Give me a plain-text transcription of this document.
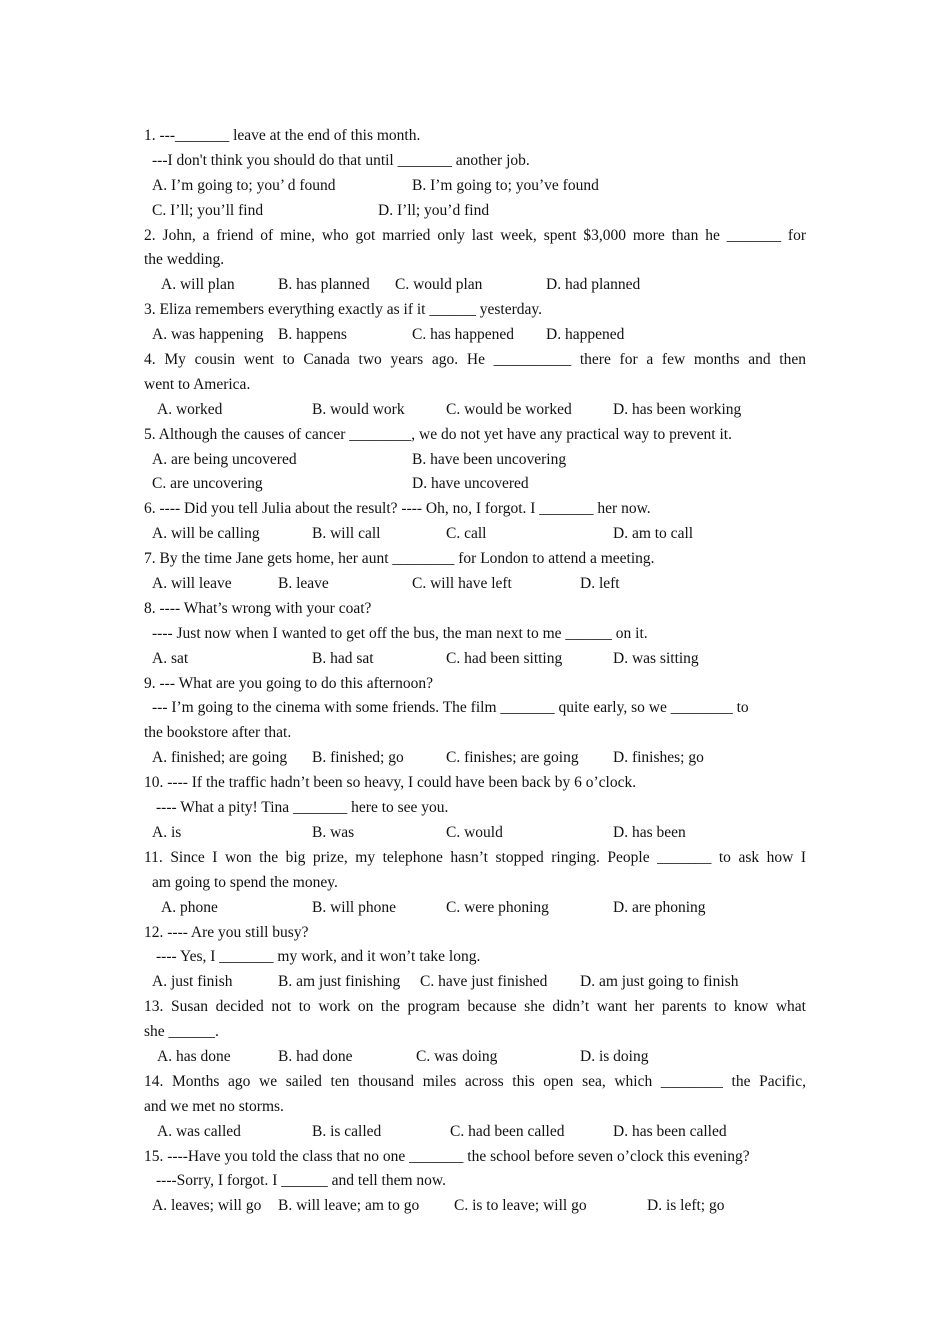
1. ---_______ leave at the end of this month.
---I don't think you should do that until _______ another job.
A. I’m going to; you’ d found	B. I’m going to; you’ve found
C. I’ll; you’ll find	D. I’ll; you’d find
2. John, a friend of mine, who got married only last week, spent $3,000 more than he _______ for
the wedding.
A. will plan	B. has planned C. would plan	D. had planned
3. Eliza remembers everything exactly as if it ______ yesterday.
A. was happening B. happens	C. has happened D. happened
4. My cousin went to Canada two years ago. He __________ there for a few months and then
went to America.
A. worked	B. would work	C. would be worked	D. has been working
5. Although the causes of cancer ________, we do not yet have any practical way to prevent it.
A. are being uncovered	B. have been uncovering
C. are uncovering	D. have uncovered
6. ---- Did you tell Julia about the result? ---- Oh, no, I forgot. I _______ her now.
A. will be calling	B. will call	C. call	D. am to call
7. By the time Jane gets home, her aunt ________ for London to attend a meeting.
A. will leave	B. leave	C. will have left	D. left
8. ---- What’s wrong with your coat?
---- Just now when I wanted to get off the bus, the man next to me ______ on it.
A. sat	B. had sat	C. had been sitting	D. was sitting
9. --- What are you going to do this afternoon?
--- I’m going to the cinema with some friends. The film _______ quite early, so we ________ to
the bookstore after that.
A. finished; are going B. finished; go	C. finishes; are going D. finishes; go
10. ---- If the traffic hadn’t been so heavy, I could have been back by 6 o’clock.
---- What a pity! Tina _______ here to see you.
A. is	B. was	C. would	D. has been
11. Since I won the big prize, my telephone hasn’t stopped ringing. People _______ to ask how I
am going to spend the money.
A. phone	B. will phone	C. were phoning	D. are phoning
12. ---- Are you still busy?
---- Yes, I _______ my work, and it won’t take long.
A. just finish	B. am just finishing C. have just finished D. am just going to finish
13. Susan decided not to work on the program because she didn’t want her parents to know what
she ______.
A. has done	B. had done	C. was doing	D. is doing
14. Months ago we sailed ten thousand miles across this open sea, which ________ the Pacific,
and we met no storms.
A. was called	B. is called	C. had been called	D. has been called
15. ----Have you told the class that no one _______ the school before seven o’clock this evening?
----Sorry, I forgot. I ______ and tell them now.
A. leaves; will go B. will leave; am to go C. is to leave; will go	D. is left; go
